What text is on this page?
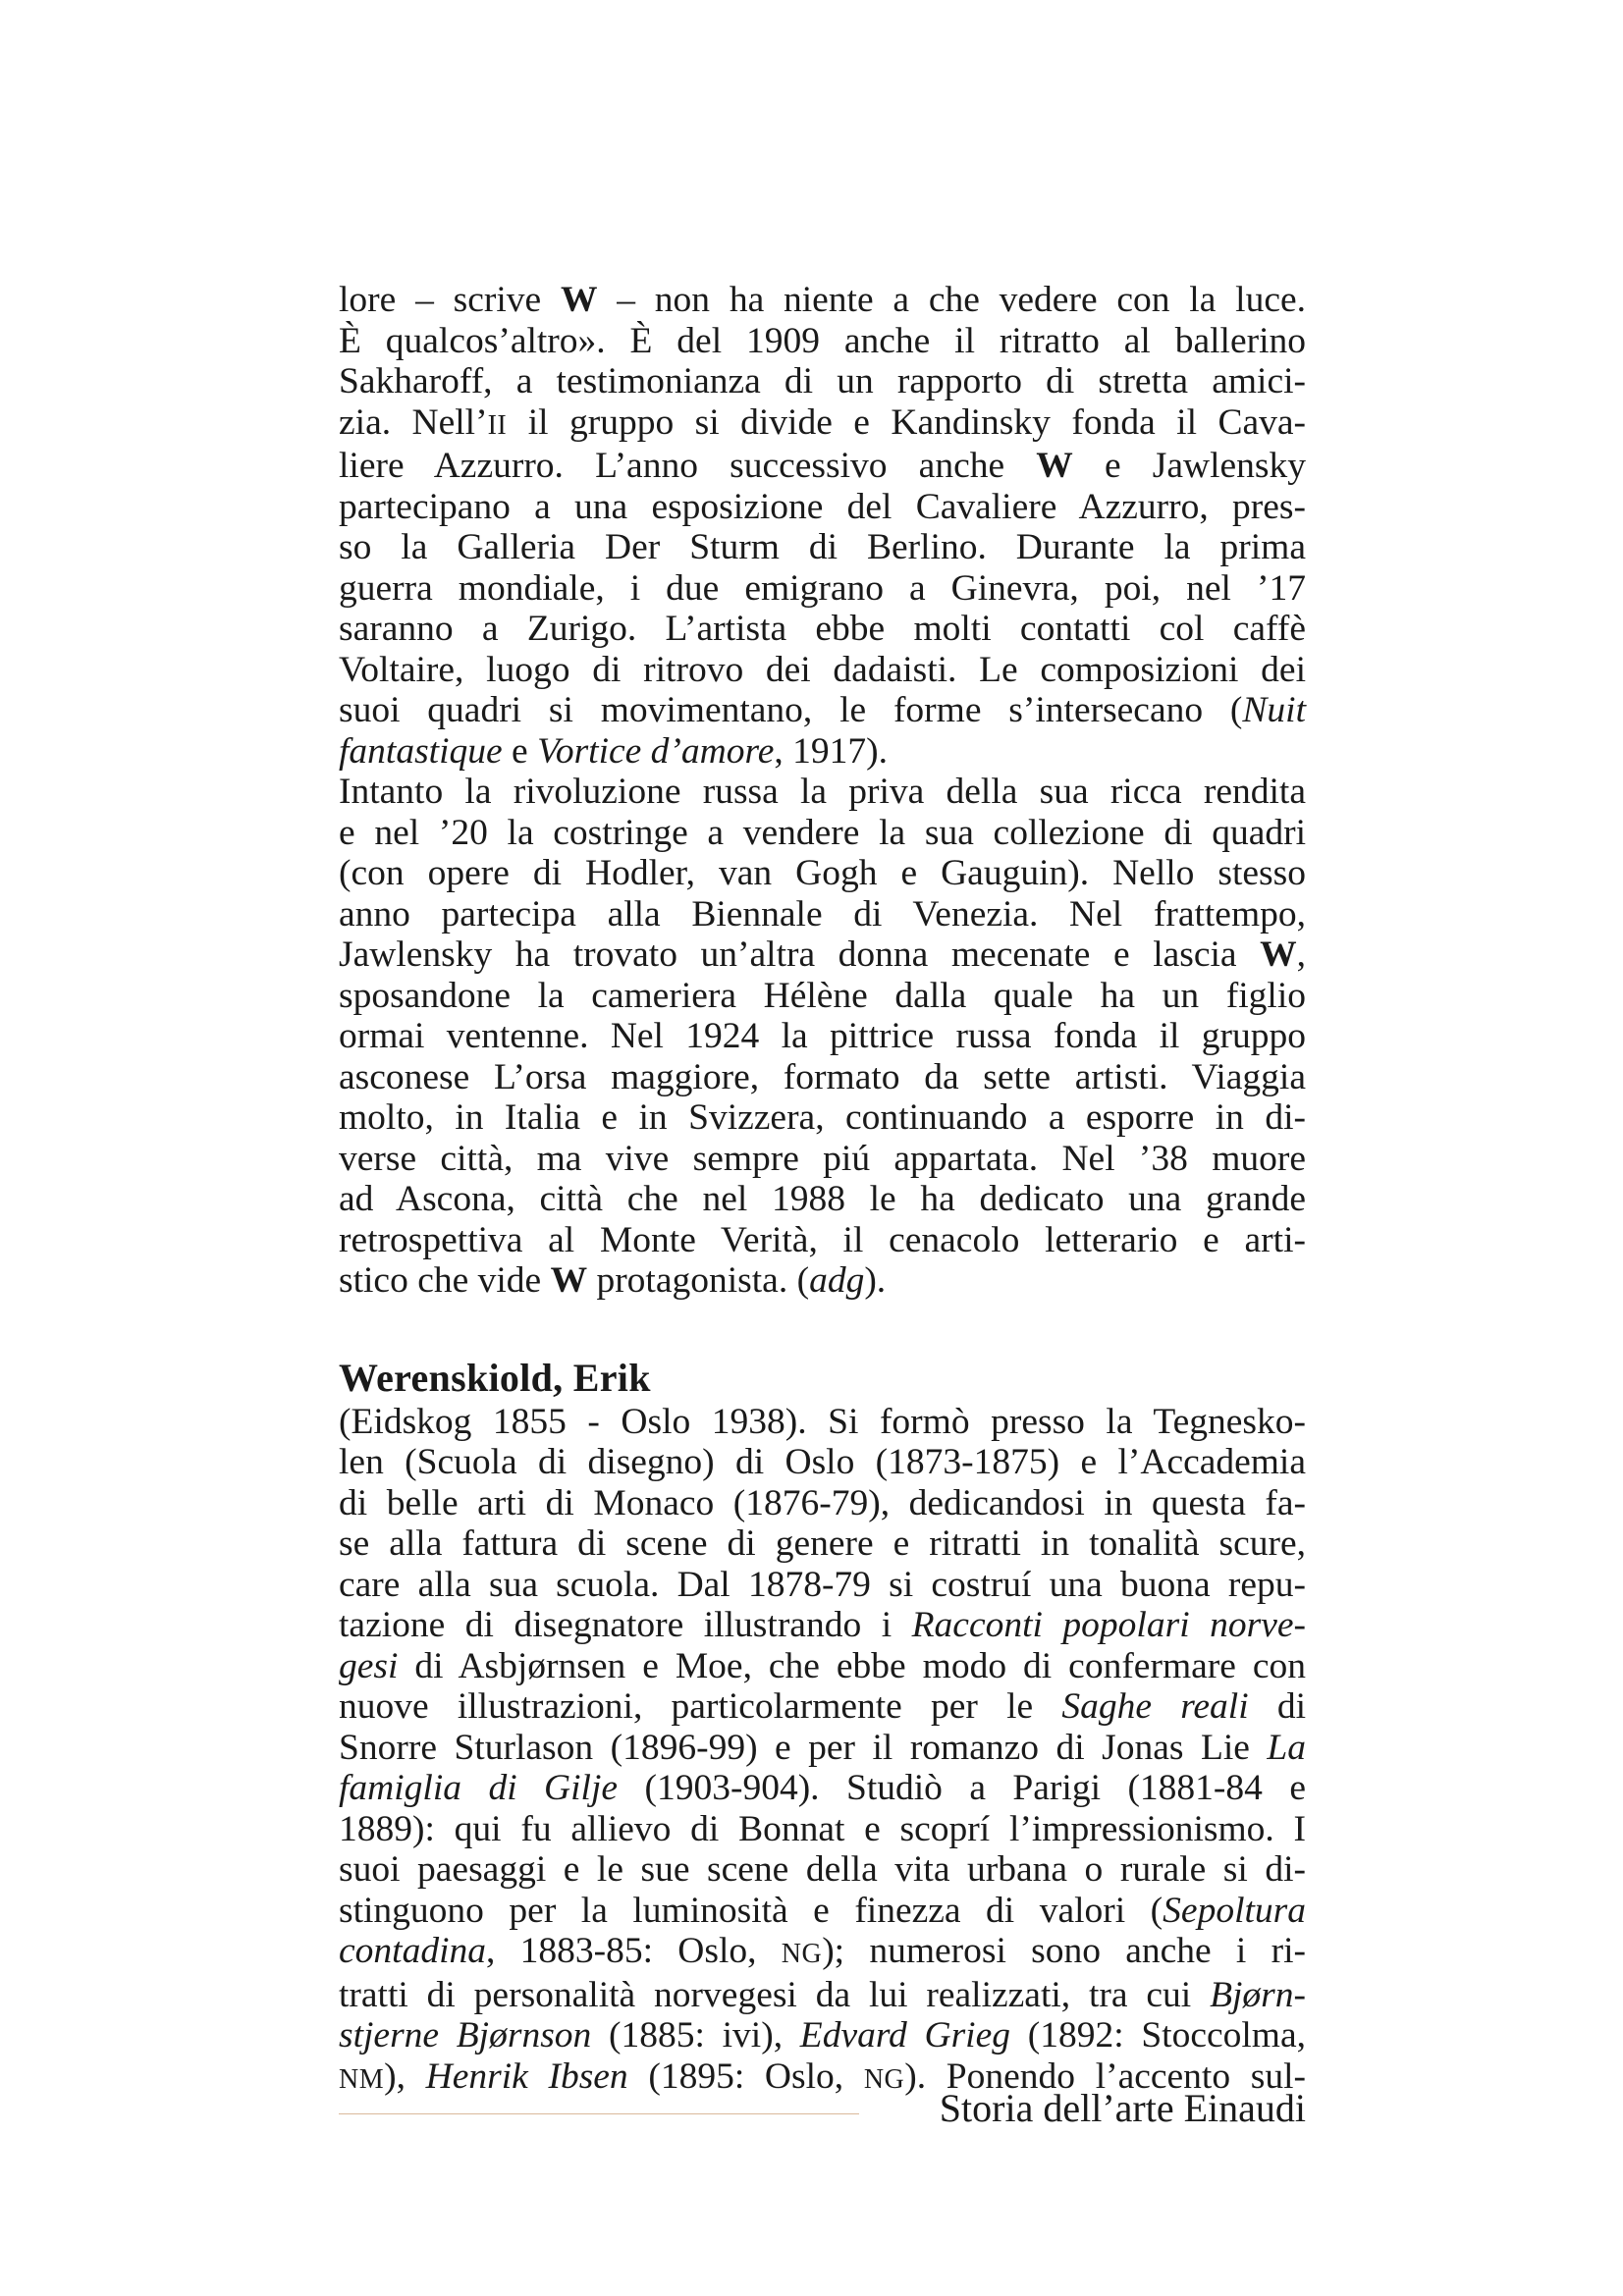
lore – scrive W – non ha niente a che vedere con la luce.
È qualcos’altro». È del 1909 anche il ritratto al ballerino
Sakharoff, a testimonianza di un rapporto di stretta amici-
zia. Nell’II il gruppo si divide e Kandinsky fonda il Cava-
liere Azzurro. L’anno successivo anche W e Jawlensky
partecipano a una esposizione del Cavaliere Azzurro, pres-
so la Galleria Der Sturm di Berlino. Durante la prima
guerra mondiale, i due emigrano a Ginevra, poi, nel ’17
saranno a Zurigo. L’artista ebbe molti contatti col caffè
Voltaire, luogo di ritrovo dei dadaisti. Le composizioni dei
suoi quadri si movimentano, le forme s’intersecano (Nuit
fantastique e Vortice d’amore, 1917).
Intanto la rivoluzione russa la priva della sua ricca rendita
e nel ’20 la costringe a vendere la sua collezione di quadri
(con opere di Hodler, van Gogh e Gauguin). Nello stesso
anno partecipa alla Biennale di Venezia. Nel frattempo,
Jawlensky ha trovato un’altra donna mecenate e lascia W,
sposandone la cameriera Hélène dalla quale ha un figlio
ormai ventenne. Nel 1924 la pittrice russa fonda il gruppo
asconese L’orsa maggiore, formato da sette artisti. Viaggia
molto, in Italia e in Svizzera, continuando a esporre in di-
verse città, ma vive sempre piú appartata. Nel ’38 muore
ad Ascona, città che nel 1988 le ha dedicato una grande
retrospettiva al Monte Verità, il cenacolo letterario e arti-
stico che vide W protagonista. (adg).
Werenskiold, Erik
(Eidskog 1855 - Oslo 1938). Si formò presso la Tegnesko-
len (Scuola di disegno) di Oslo (1873-1875) e l’Accademia
di belle arti di Monaco (1876-79), dedicandosi in questa fa-
se alla fattura di scene di genere e ritratti in tonalità scure,
care alla sua scuola. Dal 1878-79 si costruí una buona repu-
tazione di disegnatore illustrando i Racconti popolari norve-
gesi di Asbjørnsen e Moe, che ebbe modo di confermare con
nuove illustrazioni, particolarmente per le Saghe reali di
Snorre Sturlason (1896-99) e per il romanzo di Jonas Lie La
famiglia di Gilje (1903-904). Studiò a Parigi (1881-84 e
1889): qui fu allievo di Bonnat e scoprí l’impressionismo. I
suoi paesaggi e le sue scene della vita urbana o rurale si di-
stinguono per la luminosità e finezza di valori (Sepoltura
contadina, 1883-85: Oslo, NG); numerosi sono anche i ri-
tratti di personalità norvegesi da lui realizzati, tra cui Bjørn-
stjerne Bjørnson (1885: ivi), Edvard Grieg (1892: Stoccolma,
NM), Henrik Ibsen (1895: Oslo, NG). Ponendo l’accento sul-
Storia dell’arte Einaudi
